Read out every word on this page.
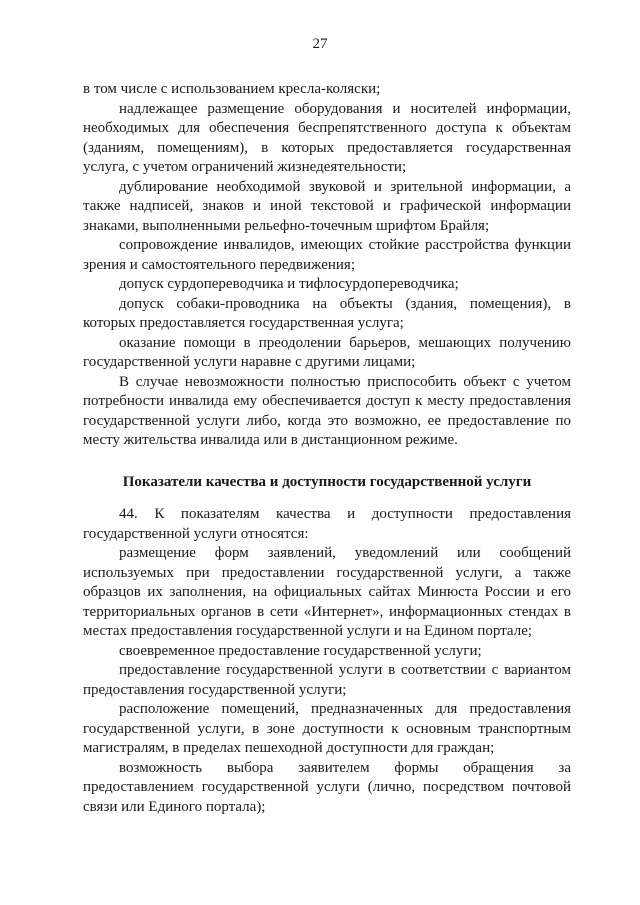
27

в том числе с использованием кресла-коляски;

надлежащее размещение оборудования и носителей информации, необходимых для обеспечения беспрепятственного доступа к объектам (зданиям, помещениям), в которых предоставляется государственная услуга, с учетом ограничений жизнедеятельности;

дублирование необходимой звуковой и зрительной информации, а также надписей, знаков и иной текстовой и графической информации знаками, выполненными рельефно-точечным шрифтом Брайля;

сопровождение инвалидов, имеющих стойкие расстройства функции зрения и самостоятельного передвижения;

допуск сурдопереводчика и тифлосурдопереводчика;

допуск собаки-проводника на объекты (здания, помещения), в которых предоставляется государственная услуга;

оказание помощи в преодолении барьеров, мешающих получению государственной услуги наравне с другими лицами;

В случае невозможности полностью приспособить объект с учетом потребности инвалида ему обеспечивается доступ к месту предоставления государственной услуги либо, когда это возможно, ее предоставление по месту жительства инвалида или в дистанционном режиме.

Показатели качества и доступности государственной услуги

44. К показателям качества и доступности предоставления государственной услуги относятся:

размещение форм заявлений, уведомлений или сообщений используемых при предоставлении государственной услуги, а также образцов их заполнения, на официальных сайтах Минюста России и его территориальных органов в сети «Интернет», информационных стендах в местах предоставления государственной услуги и на Едином портале;

своевременное предоставление государственной услуги;

предоставление государственной услуги в соответствии с вариантом предоставления государственной услуги;

расположение помещений, предназначенных для предоставления государственной услуги, в зоне доступности к основным транспортным магистралям, в пределах пешеходной доступности для граждан;

возможность выбора заявителем формы обращения за предоставлением государственной услуги (лично, посредством почтовой связи или Единого портала);
